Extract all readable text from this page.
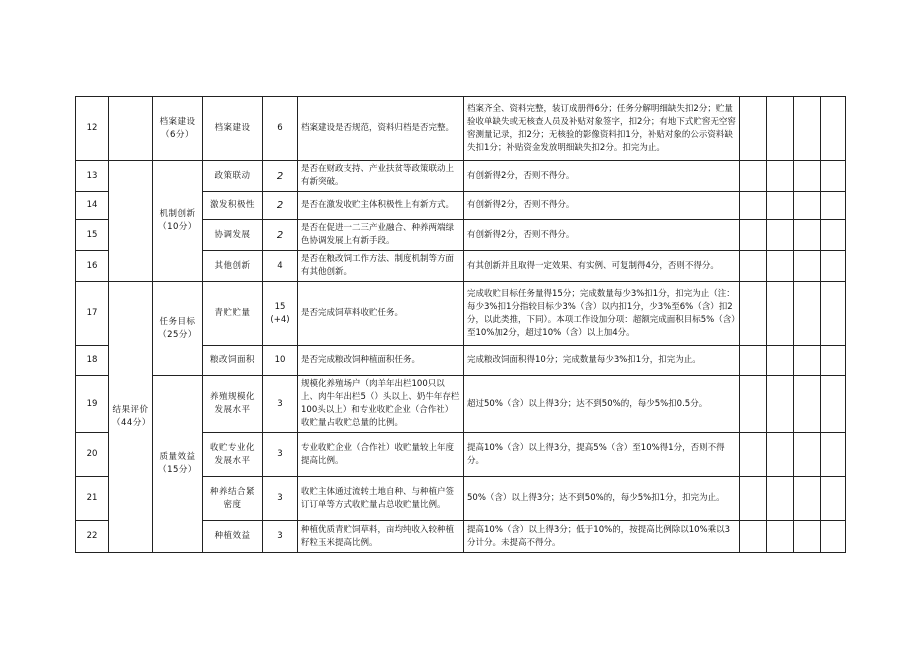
12		档案建设（6分）	档案建设	6	档案建设是否规范，资料归档是否完整。	档案齐全、资料完整，装订成册得6分；任务分解明细缺失扣2分；贮量验收单缺失或无核查人员及补贴对象签字，扣2分；有地下式贮窖无空窖窖测量记录，扣2分；无核验的影像资料扣1分，补贴对象的公示资料缺失扣1分；补贴资金发放明细缺失扣2分。扣完为止。				
13		机制创新（10分）	政策联动	2	是否在财政支持、产业扶贫等政策联动上有新突破。	有创新得2分，否则不得分。				
14			激发积极性	2	是否在激发收贮主体积极性上有新方式。	有创新得2分，否则不得分。				
15			协调发展	2	是否在促进一二三产业融合、种养两端绿色协调发展上有新手段。	有创新得2分，否则不得分。				
16			其他创新	4	是否在粮改饲工作方法、制度机制等方面有其他创新。	有其创新并且取得一定效果、有实例、可复制得4分，否则不得分。				
17	结果评价（44分）	任务目标（25分）	青贮贮量	15
(+4)	是否完成饲草料收贮任务。	完成收贮目标任务量得15分；完成数量每少3%扣1分，扣完为止（注：每少3%扣1分指较目标少3%（含）以内扣1分，少3%至6%（含）扣2分，以此类推，下同）。本项工作设加分项：超额完成面积目标5%（含）至10%加2分，超过10%（含）以上加4分。				
18			粮改饲面积	10	是否完成粮改饲种植面积任务。	完成粮改饲面积得10分；完成数量每少3%扣1分，扣完为止。				
19		质量效益（15分）	养殖规模化发展水平	3	规模化养殖场户（肉羊年出栏100只以上、肉牛年出栏5（）头以上、奶牛年存栏100头以上）和专业收贮企业（合作社）收贮量占收贮总量的比例。	超过50%（含）以上得3分；达不到50%的，每少5%扣0.5分。				
20			收贮专业化发展水平	3	专业收贮企业（合作社）收贮量较上年度提高比例。	提高10%（含）以上得3分，提高5%（含）至10%得1分，否则不得分。				
21			种养结合紧密度	3	收贮主体通过流转土地自种、与种植户签订订单等方式收贮量占总收贮量比例。	50%（含）以上得3分；达不到50%的，每少5%扣1分，扣完为止。				
22			种植效益	3	种植优质青贮饲草料，亩均纯收入较种植籽粒玉米提高比例。	提高10%（含）以上得3分；低于10%的，按提高比例除以10%乘以3分计分。未提高不得分。				
